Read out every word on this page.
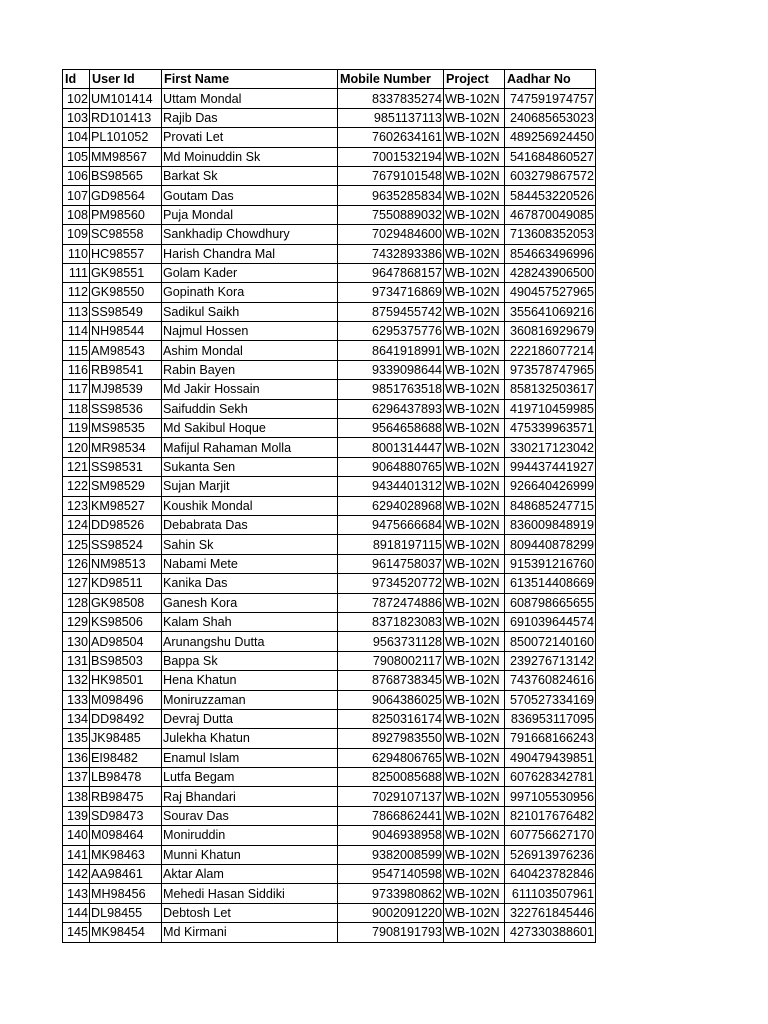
Id	User Id	First Name	Mobile Number	Project	Aadhar No
102	UM101414	Uttam Mondal	8337835274	WB-102N	747591974757
103	RD101413	Rajib Das	9851137113	WB-102N	240685653023
104	PL101052	Provati Let	7602634161	WB-102N	489256924450
105	MM98567	Md Moinuddin Sk	7001532194	WB-102N	541684860527
106	BS98565	Barkat Sk	7679101548	WB-102N	603279867572
107	GD98564	Goutam Das	9635285834	WB-102N	584453220526
108	PM98560	Puja Mondal	7550889032	WB-102N	467870049085
109	SC98558	Sankhadip Chowdhury	7029484600	WB-102N	713608352053
110	HC98557	Harish Chandra Mal	7432893386	WB-102N	854663496996
111	GK98551	Golam Kader	9647868157	WB-102N	428243906500
112	GK98550	Gopinath Kora	9734716869	WB-102N	490457527965
113	SS98549	Sadikul Saikh	8759455742	WB-102N	355641069216
114	NH98544	Najmul Hossen	6295375776	WB-102N	360816929679
115	AM98543	Ashim Mondal	8641918991	WB-102N	222186077214
116	RB98541	Rabin Bayen	9339098644	WB-102N	973578747965
117	MJ98539	Md Jakir Hossain	9851763518	WB-102N	858132503617
118	SS98536	Saifuddin Sekh	6296437893	WB-102N	419710459985
119	MS98535	Md Sakibul Hoque	9564658688	WB-102N	475339963571
120	MR98534	Mafijul Rahaman Molla	8001314447	WB-102N	330217123042
121	SS98531	Sukanta Sen	9064880765	WB-102N	994437441927
122	SM98529	Sujan Marjit	9434401312	WB-102N	926640426999
123	KM98527	Koushik Mondal	6294028968	WB-102N	848685247715
124	DD98526	Debabrata Das	9475666684	WB-102N	836009848919
125	SS98524	Sahin Sk	8918197115	WB-102N	809440878299
126	NM98513	Nabami Mete	9614758037	WB-102N	915391216760
127	KD98511	Kanika Das	9734520772	WB-102N	613514408669
128	GK98508	Ganesh Kora	7872474886	WB-102N	608798665655
129	KS98506	Kalam Shah	8371823083	WB-102N	691039644574
130	AD98504	Arunangshu Dutta	9563731128	WB-102N	850072140160
131	BS98503	Bappa Sk	7908002117	WB-102N	239276713142
132	HK98501	Hena Khatun	8768738345	WB-102N	743760824616
133	M098496	Moniruzzaman	9064386025	WB-102N	570527334169
134	DD98492	Devraj Dutta	8250316174	WB-102N	836953117095
135	JK98485	Julekha Khatun	8927983550	WB-102N	791668166243
136	EI98482	Enamul Islam	6294806765	WB-102N	490479439851
137	LB98478	Lutfa Begam	8250085688	WB-102N	607628342781
138	RB98475	Raj Bhandari	7029107137	WB-102N	997105530956
139	SD98473	Sourav Das	7866862441	WB-102N	821017676482
140	M098464	Moniruddin	9046938958	WB-102N	607756627170
141	MK98463	Munni Khatun	9382008599	WB-102N	526913976236
142	AA98461	Aktar Alam	9547140598	WB-102N	640423782846
143	MH98456	Mehedi Hasan Siddiki	9733980862	WB-102N	611103507961
144	DL98455	Debtosh Let	9002091220	WB-102N	322761845446
145	MK98454	Md Kirmani	7908191793	WB-102N	427330388601
